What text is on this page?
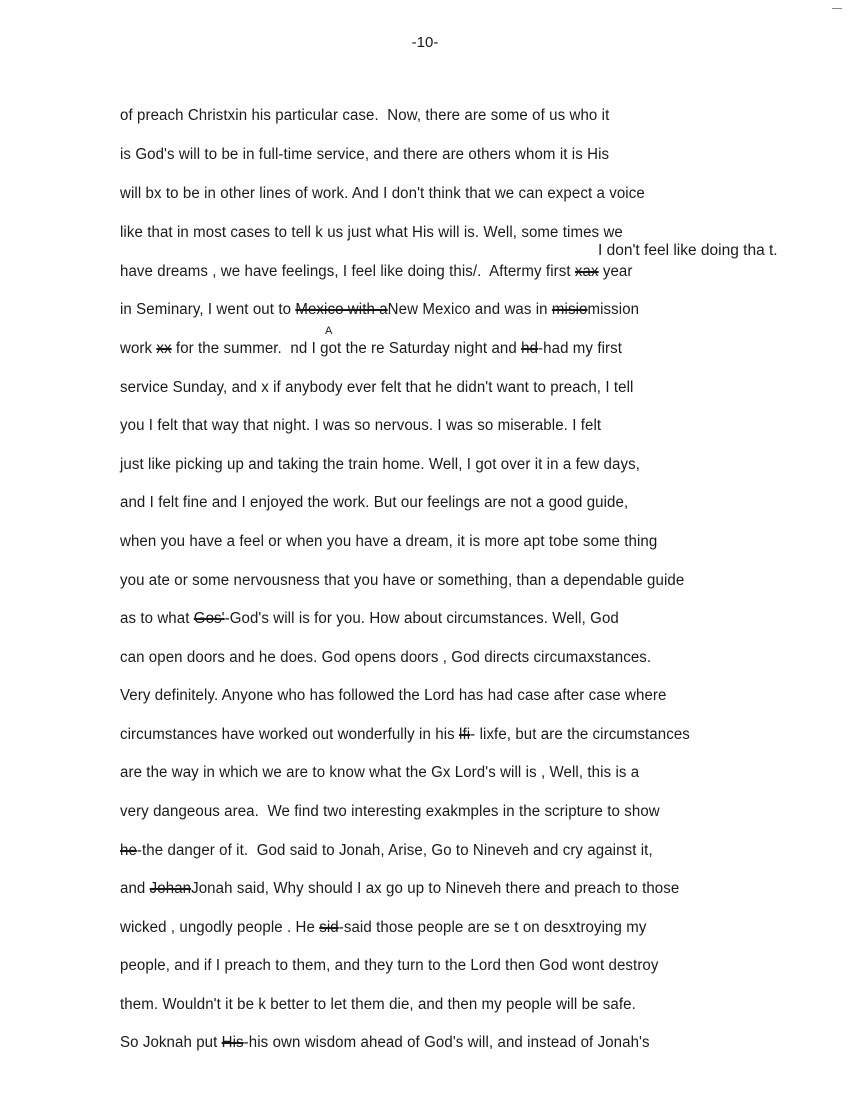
-10-
I don't feel like doing tha t.
A
of preach Christxin his particular case.  Now, there are some of us who it
is God's will to be in full-time service, and there are others whom it is His
will bx to be in other lines of work. And I don't think that we can expect a voice
like that in most cases to tell k us just what His will is. Well, some times we
have dreams , we have feelings, I feel like doing this/.  Aftermy first xax year
in Seminary, I went out to Mexico with aNew Mexico and was in misiomission
work xx for the summer.  nd I got the re Saturday night and hd-had my first
service Sunday, and x if anybody ever felt that he didn't want to preach, I tell
you I felt that way that night. I was so nervous. I was so miserable. I felt
just like picking up and taking the train home. Well, I got over it in a few days,
and I felt fine and I enjoyed the work. But our feelings are not a good guide,
when you have a feel or when you have a dream, it is more apt tobe some thing
you ate or some nervousness that you have or something, than a dependable guide
as to what Gos'-God's will is for you. How about circumstances. Well, God
can open doors and he does. God opens doors , God directs circumaxstances.
Very definitely. Anyone who has followed the Lord has had case after case where
circumstances have worked out wonderfully in his lfi- lixfe, but are the circumstances
are the way in which we are to know what the Gx Lord's will is , Well, this is a
very dangeous area.  We find two interesting exakmples in the scripture to show
he-the danger of it.  God said to Jonah, Arise, Go to Nineveh and cry against it,
and JohanJonah said, Why should I ax go up to Nineveh there and preach to those
wicked , ungodly people . He sid-said those people are se t on desxtroying my
people, and if I preach to them, and they turn to the Lord then God wont destroy
them. Wouldn't it be k better to let them die, and then my people will be safe.
So Joknah put His-his own wisdom ahead of God's will, and instead of Jonah's
